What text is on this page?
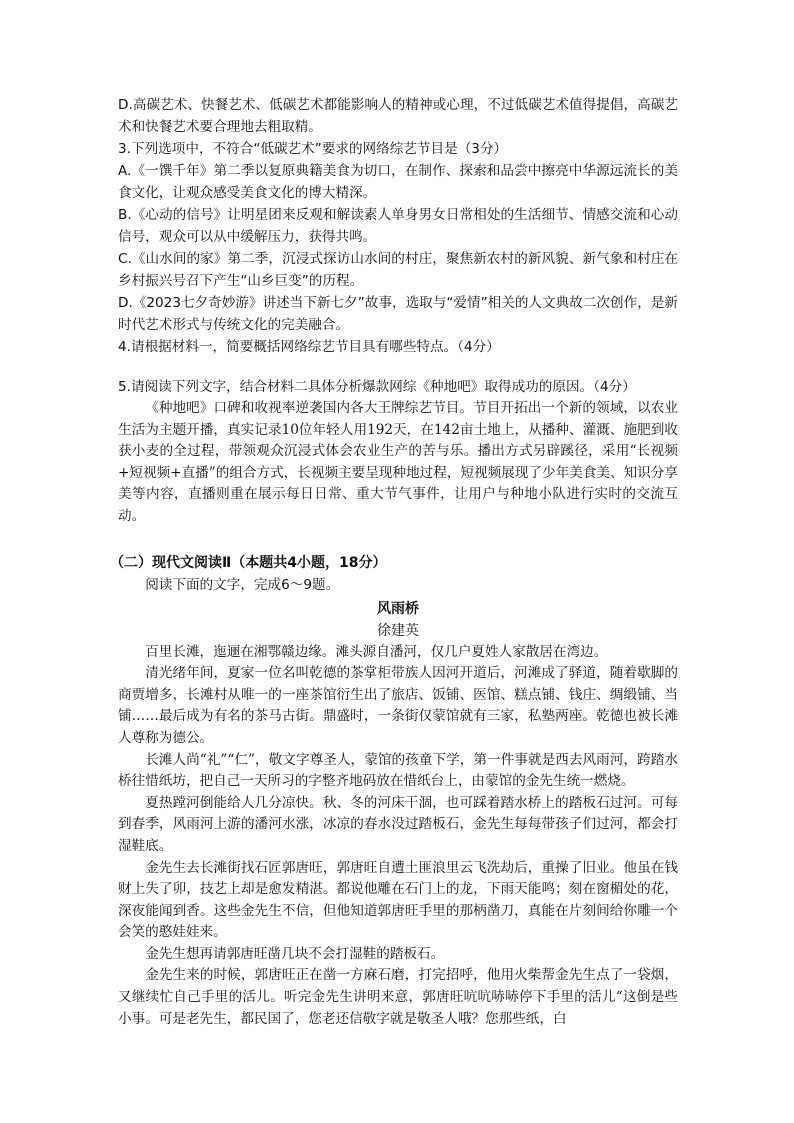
D.高碳艺术、快餐艺术、低碳艺术都能影响人的精神或心理，不过低碳艺术值得提倡，高碳艺术和快餐艺术要合理地去粗取精。

3.下列选项中，不符合“低碳艺术”要求的网络综艺节目是（3分）

A.《一馔千年》第二季以复原典籍美食为切口，在制作、探索和品尝中擦亮中华源远流长的美食文化，让观众感受美食文化的博大精深。

B.《心动的信号》让明星团来反观和解读素人单身男女日常相处的生活细节、情感交流和心动信号，观众可以从中缓解压力，获得共鸣。

C.《山水间的家》第二季，沉浸式探访山水间的村庄，聚焦新农村的新风貌、新气象和村庄在乡村振兴号召下产生“山乡巨变”的历程。

D.《2023七夕奇妙游》讲述当下新七夕”故事，选取与“爱情”相关的人文典故二次创作，是新时代艺术形式与传统文化的完美融合。

4.请根据材料一，简要概括网络综艺节目具有哪些特点。（4分）

5.请阅读下列文字，结合材料二具体分析爆款网综《种地吧》取得成功的原因。（4分）

《种地吧》口碑和收视率逆袭国内各大王牌综艺节目。节目开拓出一个新的领域，以农业生活为主题开播，真实记录10位年轻人用192天，在142亩土地上，从播种、灌溉、施肥到收获小麦的全过程，带领观众沉浸式体会农业生产的苦与乐。播出方式另辟蹊径，采用“长视频+短视频+直播”的组合方式，长视频主要呈现种地过程，短视频展现了少年美食美、知识分享美等内容，直播则重在展示每日日常、重大节气事件，让用户与种地小队进行实时的交流互动。

（二）现代文阅读Ⅱ（本题共4小题，18分）

阅读下面的文字，完成6～9题。

风雨桥

徐建英

百里长滩，迤逦在湘鄂赣边缘。滩头源自潘河，仅几户夏姓人家散居在湾边。

清光绪年间，夏家一位名叫乾德的茶掌柜带族人因河开道后，河滩成了驿道，随着歇脚的商贾增多，长滩村从唯一的一座茶馆衍生出了旅店、饭铺、医馆、糕点铺、钱庄、绸缎铺、当铺……最后成为有名的茶马古街。鼎盛时，一条街仅蒙馆就有三家，私塾两座。乾德也被长滩人尊称为德公。

长滩人尚“礼”“仁”，敬文字尊圣人，蒙馆的孩童下学，第一件事就是西去风雨河，跨踏水桥往惜纸坊，把自己一天所习的字整齐地码放在惜纸台上，由蒙馆的金先生统一燃烧。

夏热蹚河倒能给人几分凉快。秋、冬的河床干涸，也可踩着踏水桥上的踏板石过河。可每到春季，风雨河上游的潘河水涨，冰凉的春水没过踏板石，金先生每每带孩子们过河，都会打湿鞋底。

金先生去长滩街找石匠郭唐旺，郭唐旺自遭土匪浪里云飞洗劫后，重操了旧业。他虽在钱财上失了卯，技艺上却是愈发精湛。都说他雕在石门上的龙，下雨天能鸣；刻在窗楣处的花，深夜能闻到香。这些金先生不信，但他知道郭唐旺手里的那柄凿刀，真能在片刻间给你雕一个会笑的憨娃娃来。

金先生想再请郭唐旺凿几块不会打湿鞋的踏板石。

金先生来的时候，郭唐旺正在凿一方麻石磨，打完招呼，他用火柴帮金先生点了一袋烟，又继续忙自己手里的活儿。听完金先生讲明来意，郭唐旺吭吭哧哧停下手里的活儿“这倒是些小事。可是老先生，都民国了，您老还信敬字就是敬圣人哦？您那些纸，白
